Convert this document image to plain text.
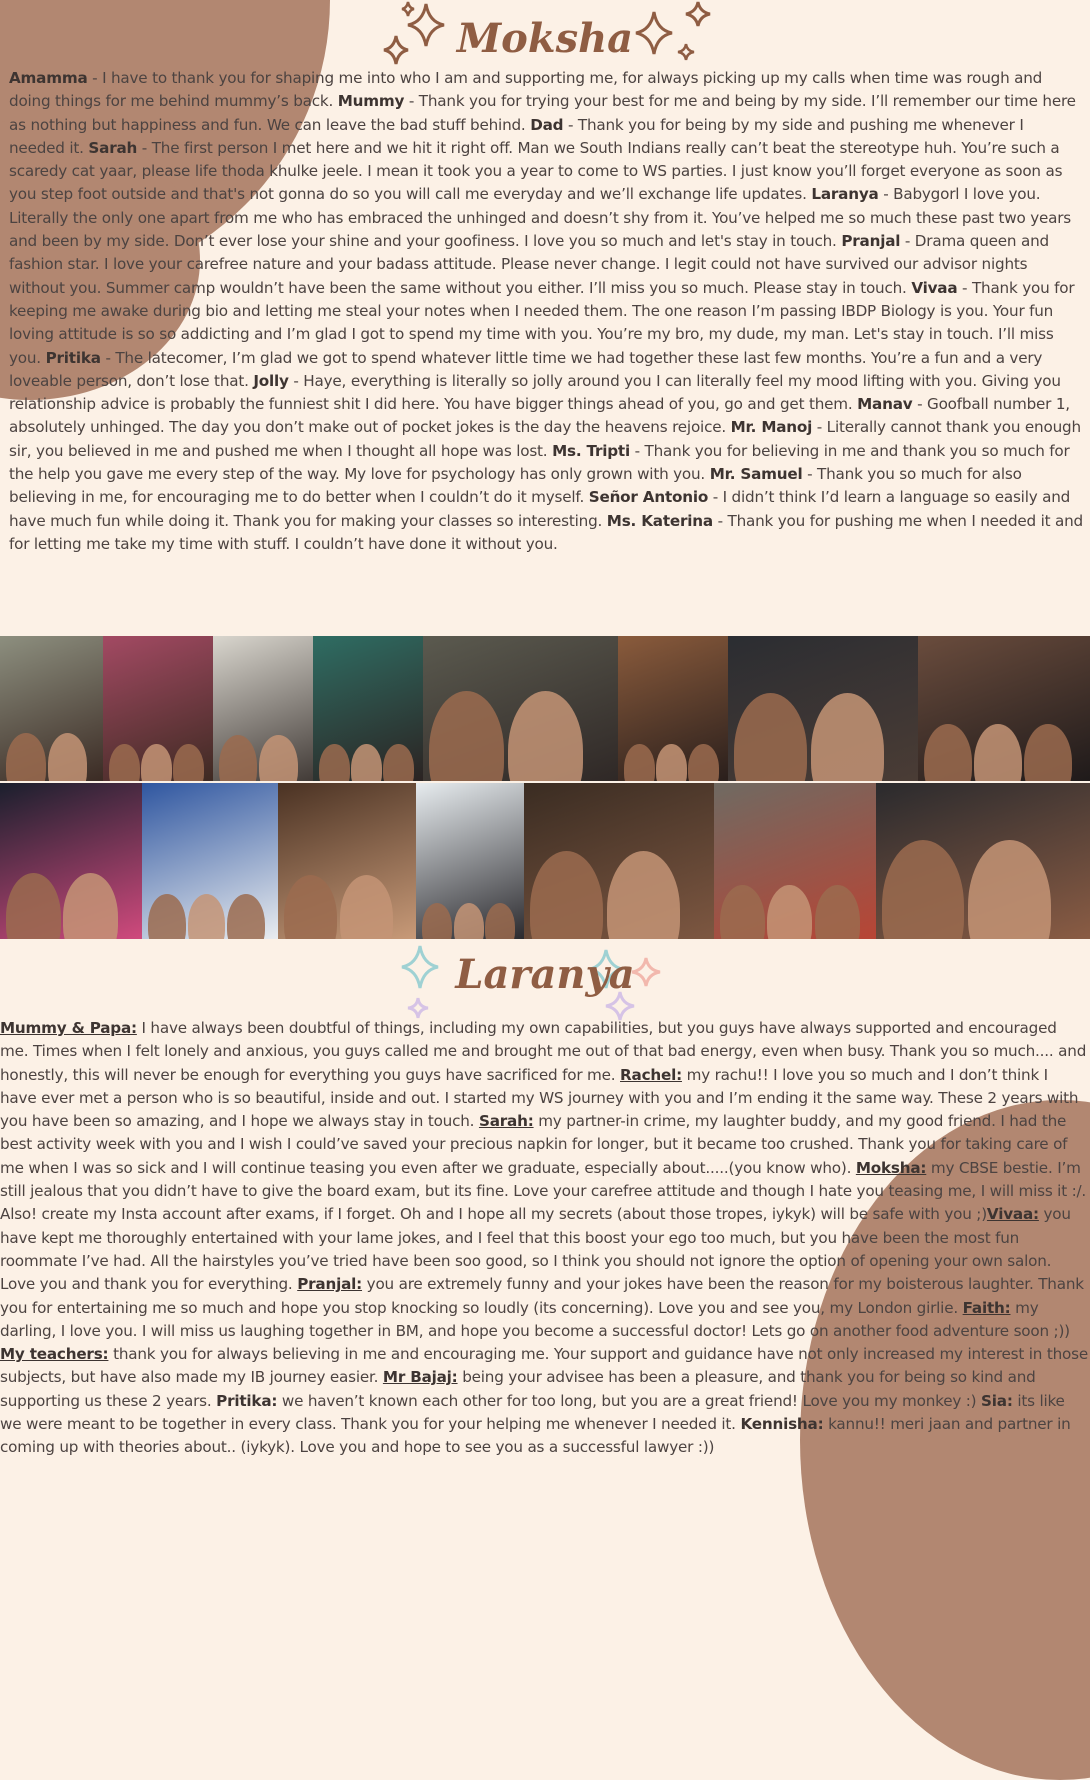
Moksha
Amamma - I have to thank you for shaping me into who I am and supporting me, for always picking up my calls when time was rough and doing things for me behind mummy’s back. Mummy - Thank you for trying your best for me and being by my side. I’ll remember our time here as nothing but happiness and fun. We can leave the bad stuff behind. Dad - Thank you for being by my side and pushing me whenever I needed it. Sarah - The first person I met here and we hit it right off. Man we South Indians really can’t beat the stereotype huh. You’re such a scaredy cat yaar, please life thoda khulke jeele. I mean it took you a year to come to WS parties. I just know you’ll forget everyone as soon as you step foot outside and that's not gonna do so you will call me everyday and we’ll exchange life updates. Laranya - Babygorl I love you. Literally the only one apart from me who has embraced the unhinged and doesn’t shy from it. You’ve helped me so much these past two years and been by my side. Don’t ever lose your shine and your goofiness. I love you so much and let's stay in touch. Pranjal - Drama queen and fashion star. I love your carefree nature and your badass attitude. Please never change. I legit could not have survived our advisor nights without you. Summer camp wouldn’t have been the same without you either. I’ll miss you so much. Please stay in touch. Vivaa - Thank you for keeping me awake during bio and letting me steal your notes when I needed them. The one reason I’m passing IBDP Biology is you. Your fun loving attitude is so so addicting and I’m glad I got to spend my time with you. You’re my bro, my dude, my man. Let's stay in touch. I’ll miss you. Pritika - The latecomer, I’m glad we got to spend whatever little time we had together these last few months. You’re a fun and a very loveable person, don’t lose that. Jolly - Haye, everything is literally so jolly around you I can literally feel my mood lifting with you. Giving you relationship advice is probably the funniest shit I did here. You have bigger things ahead of you, go and get them. Manav - Goofball number 1, absolutely unhinged. The day you don’t make out of pocket jokes is the day the heavens rejoice. Mr. Manoj - Literally cannot thank you enough sir, you believed in me and pushed me when I thought all hope was lost. Ms. Tripti - Thank you for believing in me and thank you so much for the help you gave me every step of the way. My love for psychology has only grown with you. Mr. Samuel - Thank you so much for also believing in me, for encouraging me to do better when I couldn’t do it myself. Señor Antonio - I didn’t think I’d learn a language so easily and have much fun while doing it. Thank you for making your classes so interesting. Ms. Katerina - Thank you for pushing me when I needed it and for letting me take my time with stuff. I couldn’t have done it without you.
Laranya
Mummy & Papa: I have always been doubtful of things, including my own capabilities, but you guys have always supported and encouraged me. Times when I felt lonely and anxious, you guys called me and brought me out of that bad energy, even when busy. Thank you so much.... and honestly, this will never be enough for everything you guys have sacrificed for me. Rachel: my rachu!! I love you so much and I don’t think I have ever met a person who is so beautiful, inside and out. I started my WS journey with you and I’m ending it the same way. These 2 years with you have been so amazing, and I hope we always stay in touch. Sarah: my partner-in crime, my laughter buddy, and my good friend. I had the best activity week with you and I wish I could’ve saved your precious napkin for longer, but it became too crushed. Thank you for taking care of me when I was so sick and I will continue teasing you even after we graduate, especially about.....(you know who). Moksha: my CBSE bestie. I’m still jealous that you didn’t have to give the board exam, but its fine. Love your carefree attitude and though I hate you teasing me, I will miss it :/. Also! create my Insta account after exams, if I forget. Oh and I hope all my secrets (about those tropes, iykyk) will be safe with you ;)Vivaa: you have kept me thoroughly entertained with your lame jokes, and I feel that this boost your ego too much, but you have been the most fun roommate I’ve had. All the hairstyles you’ve tried have been soo good, so I think you should not ignore the option of opening your own salon. Love you and thank you for everything. Pranjal: you are extremely funny and your jokes have been the reason for my boisterous laughter. Thank you for entertaining me so much and hope you stop knocking so loudly (its concerning). Love you and see you, my London girlie. Faith: my darling, I love you. I will miss us laughing together in BM, and hope you become a successful doctor! Lets go on another food adventure soon ;)) My teachers: thank you for always believing in me and encouraging me. Your support and guidance have not only increased my interest in those subjects, but have also made my IB journey easier. Mr Bajaj: being your advisee has been a pleasure, and thank you for being so kind and supporting us these 2 years. Pritika: we haven’t known each other for too long, but you are a great friend! Love you my monkey :) Sia: its like we were meant to be together in every class. Thank you for your helping me whenever I needed it. Kennisha: kannu!! meri jaan and partner in coming up with theories about.. (iykyk). Love you and hope to see you as a successful lawyer :))
